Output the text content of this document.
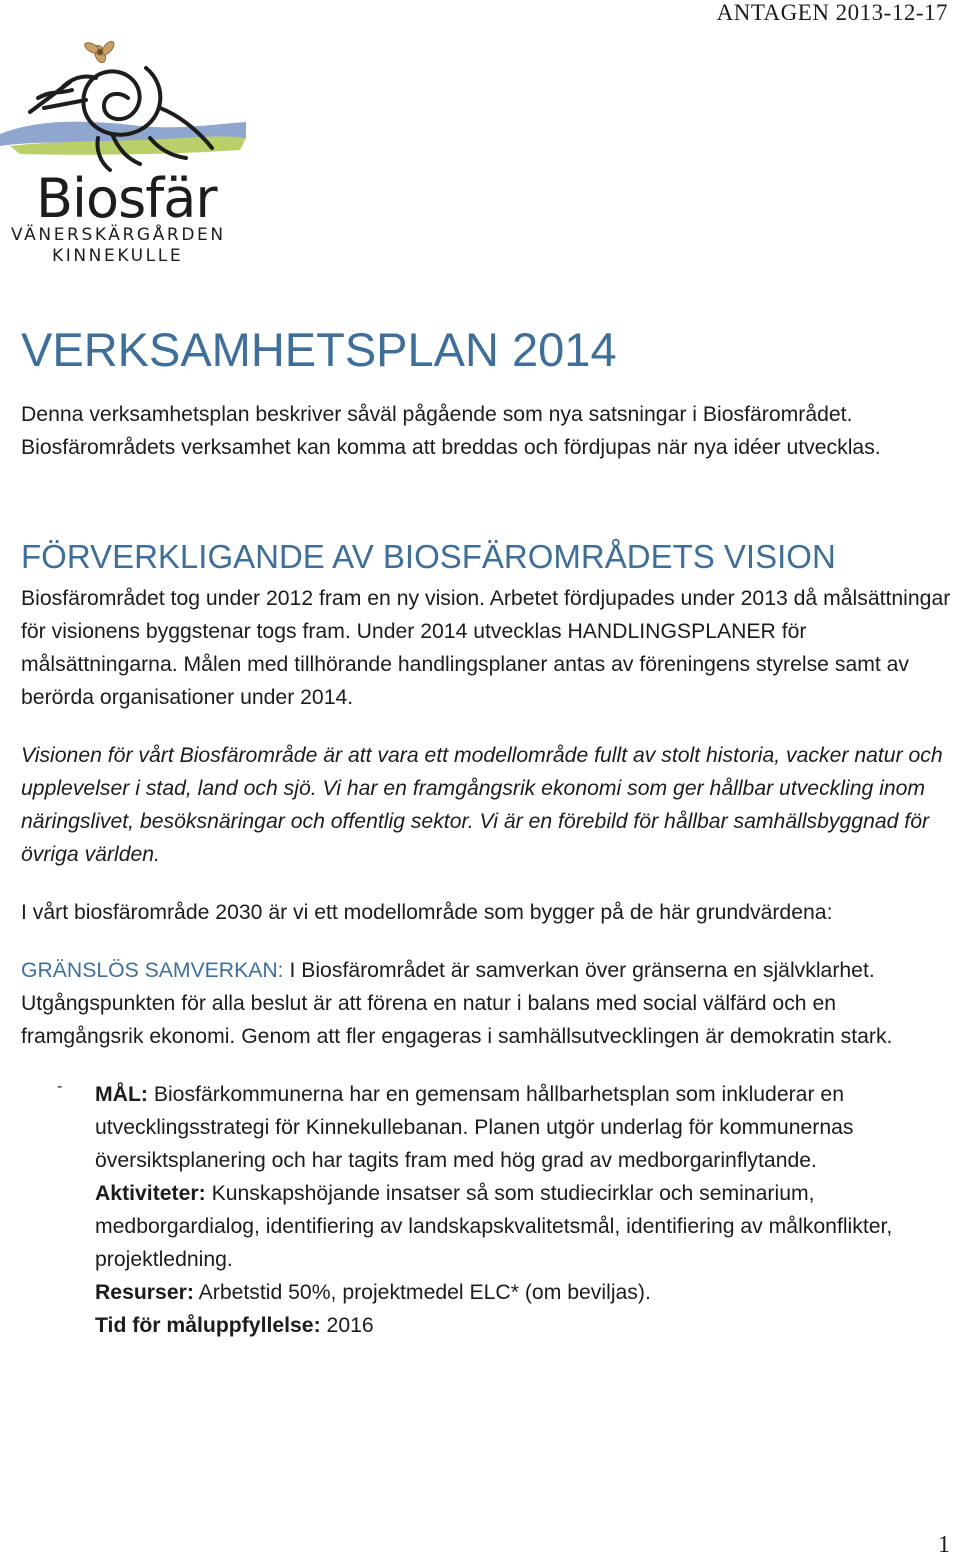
ANTAGEN 2013-12-17
Biosfär
VÄNERSKÄRGÅRDEN
KINNEKULLE
VERKSAMHETSPLAN 2014

Denna verksamhetsplan beskriver såväl pågående som nya satsningar i Biosfärområdet. Biosfärområdets verksamhet kan komma att breddas och fördjupas när nya idéer utvecklas.

FÖRVERKLIGANDE AV BIOSFÄROMRÅDETS VISION

Biosfärområdet tog under 2012 fram en ny vision. Arbetet fördjupades under 2013 då målsättningar för visionens byggstenar togs fram. Under 2014 utvecklas HANDLINGSPLANER för målsättningarna. Målen med tillhörande handlingsplaner antas av föreningens styrelse samt av berörda organisationer under 2014.

Visionen för vårt Biosfärområde är att vara ett modellområde fullt av stolt historia, vacker natur och upplevelser i stad, land och sjö. Vi har en framgångsrik ekonomi som ger hållbar utveckling inom näringslivet, besöksnäringar och offentlig sektor. Vi är en förebild för hållbar samhällsbyggnad för övriga världen.

I vårt biosfärområde 2030 är vi ett modellområde som bygger på de här grundvärdena:

GRÄNSLÖS SAMVERKAN: I Biosfärområdet är samverkan över gränserna en självklarhet. Utgångspunkten för alla beslut är att förena en natur i balans med social välfärd och en framgångsrik ekonomi. Genom att fler engageras i samhällsutvecklingen är demokratin stark.

- MÅL: Biosfärkommunerna har en gemensam hållbarhetsplan som inkluderar en utvecklingsstrategi för Kinnekullebanan. Planen utgör underlag för kommunernas översiktsplanering och har tagits fram med hög grad av medborgarinflytande.

Aktiviteter: Kunskapshöjande insatser så som studiecirklar och seminarium, medborgardialog, identifiering av landskapskvalitetsmål, identifiering av målkonflikter, projektledning.

Resurser: Arbetstid 50%, projektmedel ELC* (om beviljas).

Tid för måluppfyllelse: 2016

1
